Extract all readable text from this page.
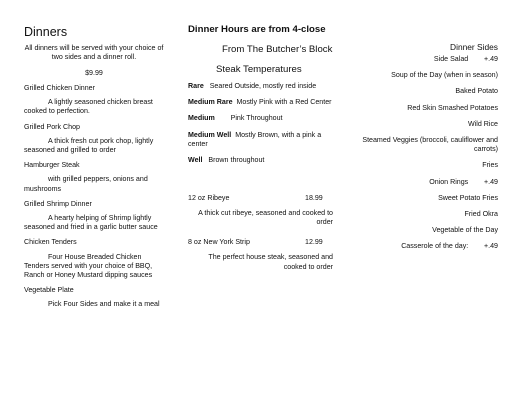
Dinners
All dinners will be served with your choice of two sides and a dinner roll.
$9.99

Grilled Chicken Dinner

A lightly seasoned chicken breast cooked to perfection.

Grilled Pork Chop

A thick fresh cut pork chop, lightly seasoned and grilled to order

Hamburger Steak

with grilled peppers, onions and mushrooms

Grilled Shrimp Dinner

A hearty helping of Shrimp lightly seasoned and fried in a garlic butter sauce

Chicken Tenders

Four House Breaded Chicken Tenders served with your choice of BBQ, Ranch or Honey Mustard dipping sauces

Vegetable Plate

Pick Four Sides and make it a meal

Dinner Hours are from 4-close
From The Butcher’s Block
Steak Temperatures

Rare Seared Outside, mostly red inside

Medium Rare Mostly Pink with a Red Center

Medium Pink Throughout

Medium Well Mostly Brown, with a pink a center

Well Brown throughout

12 oz Ribeye	18.99

A thick cut ribeye, seasoned and cooked to order

8 oz New York Strip	12.99

The perfect house steak, seasoned and cooked to order

Dinner Sides

Side Salad        +.49

Soup of the Day (when in season)

Baked Potato

Red Skin Smashed Potatoes

Wild Rice

Steamed Veggies (broccoli, cauliflower and carrots)

Fries

Onion Rings        +.49

Sweet Potato Fries

Fried Okra

Vegetable of the Day

Casserole of the day:        +.49
